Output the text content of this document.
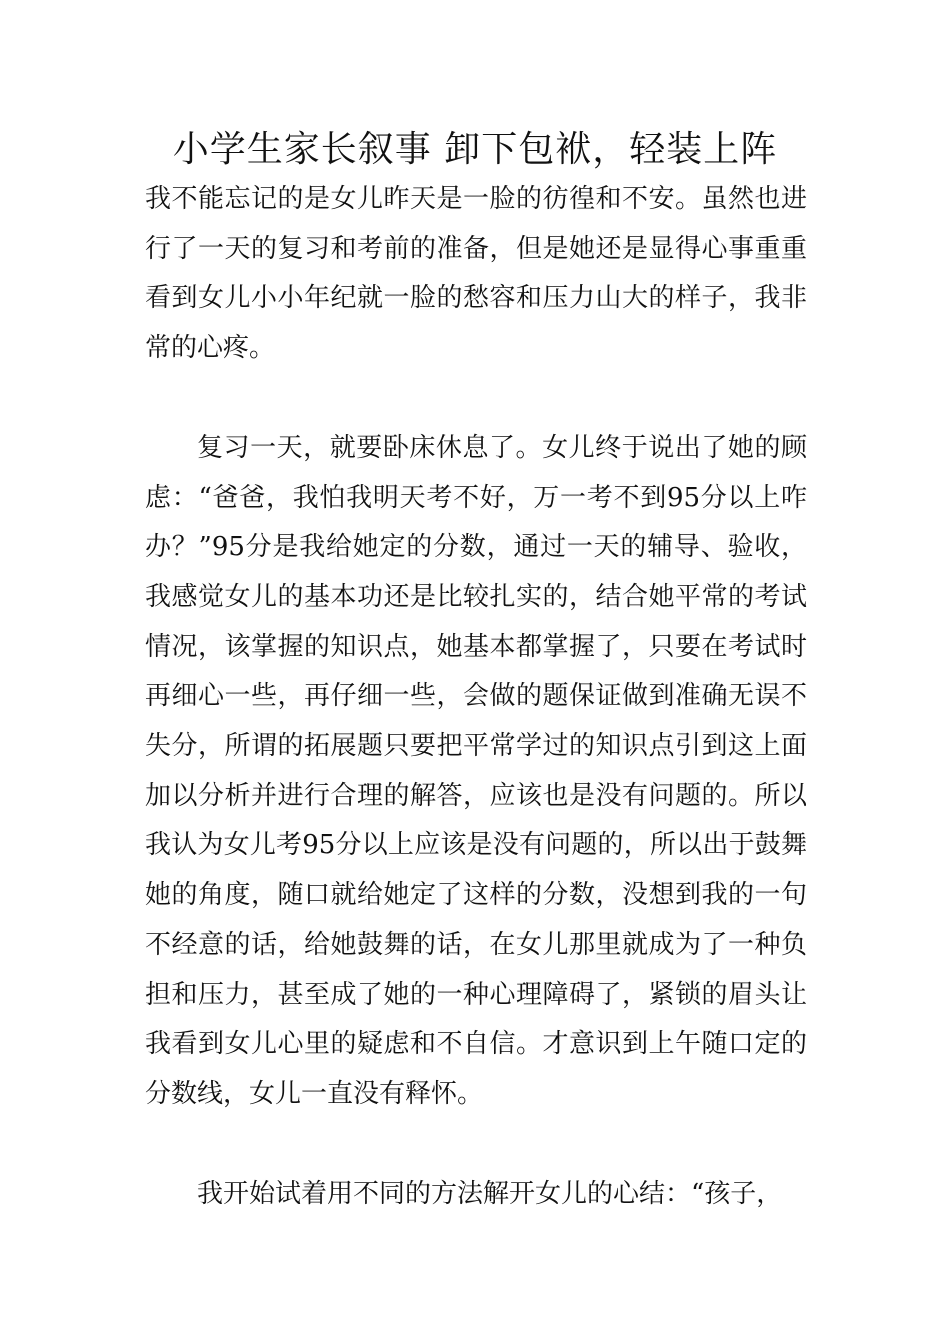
小学生家长叙事 卸下包袱，轻装上阵

我不能忘记的是女儿昨天是一脸的彷徨和不安。虽然也进行了一天的复习和考前的准备，但是她还是显得心事重重看到女儿小小年纪就一脸的愁容和压力山大的样子，我非常的心疼。

复习一天，就要卧床休息了。女儿终于说出了她的顾虑：“爸爸，我怕我明天考不好，万一考不到95分以上咋办？”95分是我给她定的分数，通过一天的辅导、验收，我感觉女儿的基本功还是比较扎实的，结合她平常的考试情况，该掌握的知识点，她基本都掌握了，只要在考试时再细心一些，再仔细一些，会做的题保证做到准确无误不失分，所谓的拓展题只要把平常学过的知识点引到这上面加以分析并进行合理的解答，应该也是没有问题的。所以我认为女儿考95分以上应该是没有问题的，所以出于鼓舞她的角度，随口就给她定了这样的分数，没想到我的一句不经意的话，给她鼓舞的话，在女儿那里就成为了一种负担和压力，甚至成了她的一种心理障碍了，紧锁的眉头让我看到女儿心里的疑虑和不自信。才意识到上午随口定的分数线，女儿一直没有释怀。

我开始试着用不同的方法解开女儿的心结：“孩子，
